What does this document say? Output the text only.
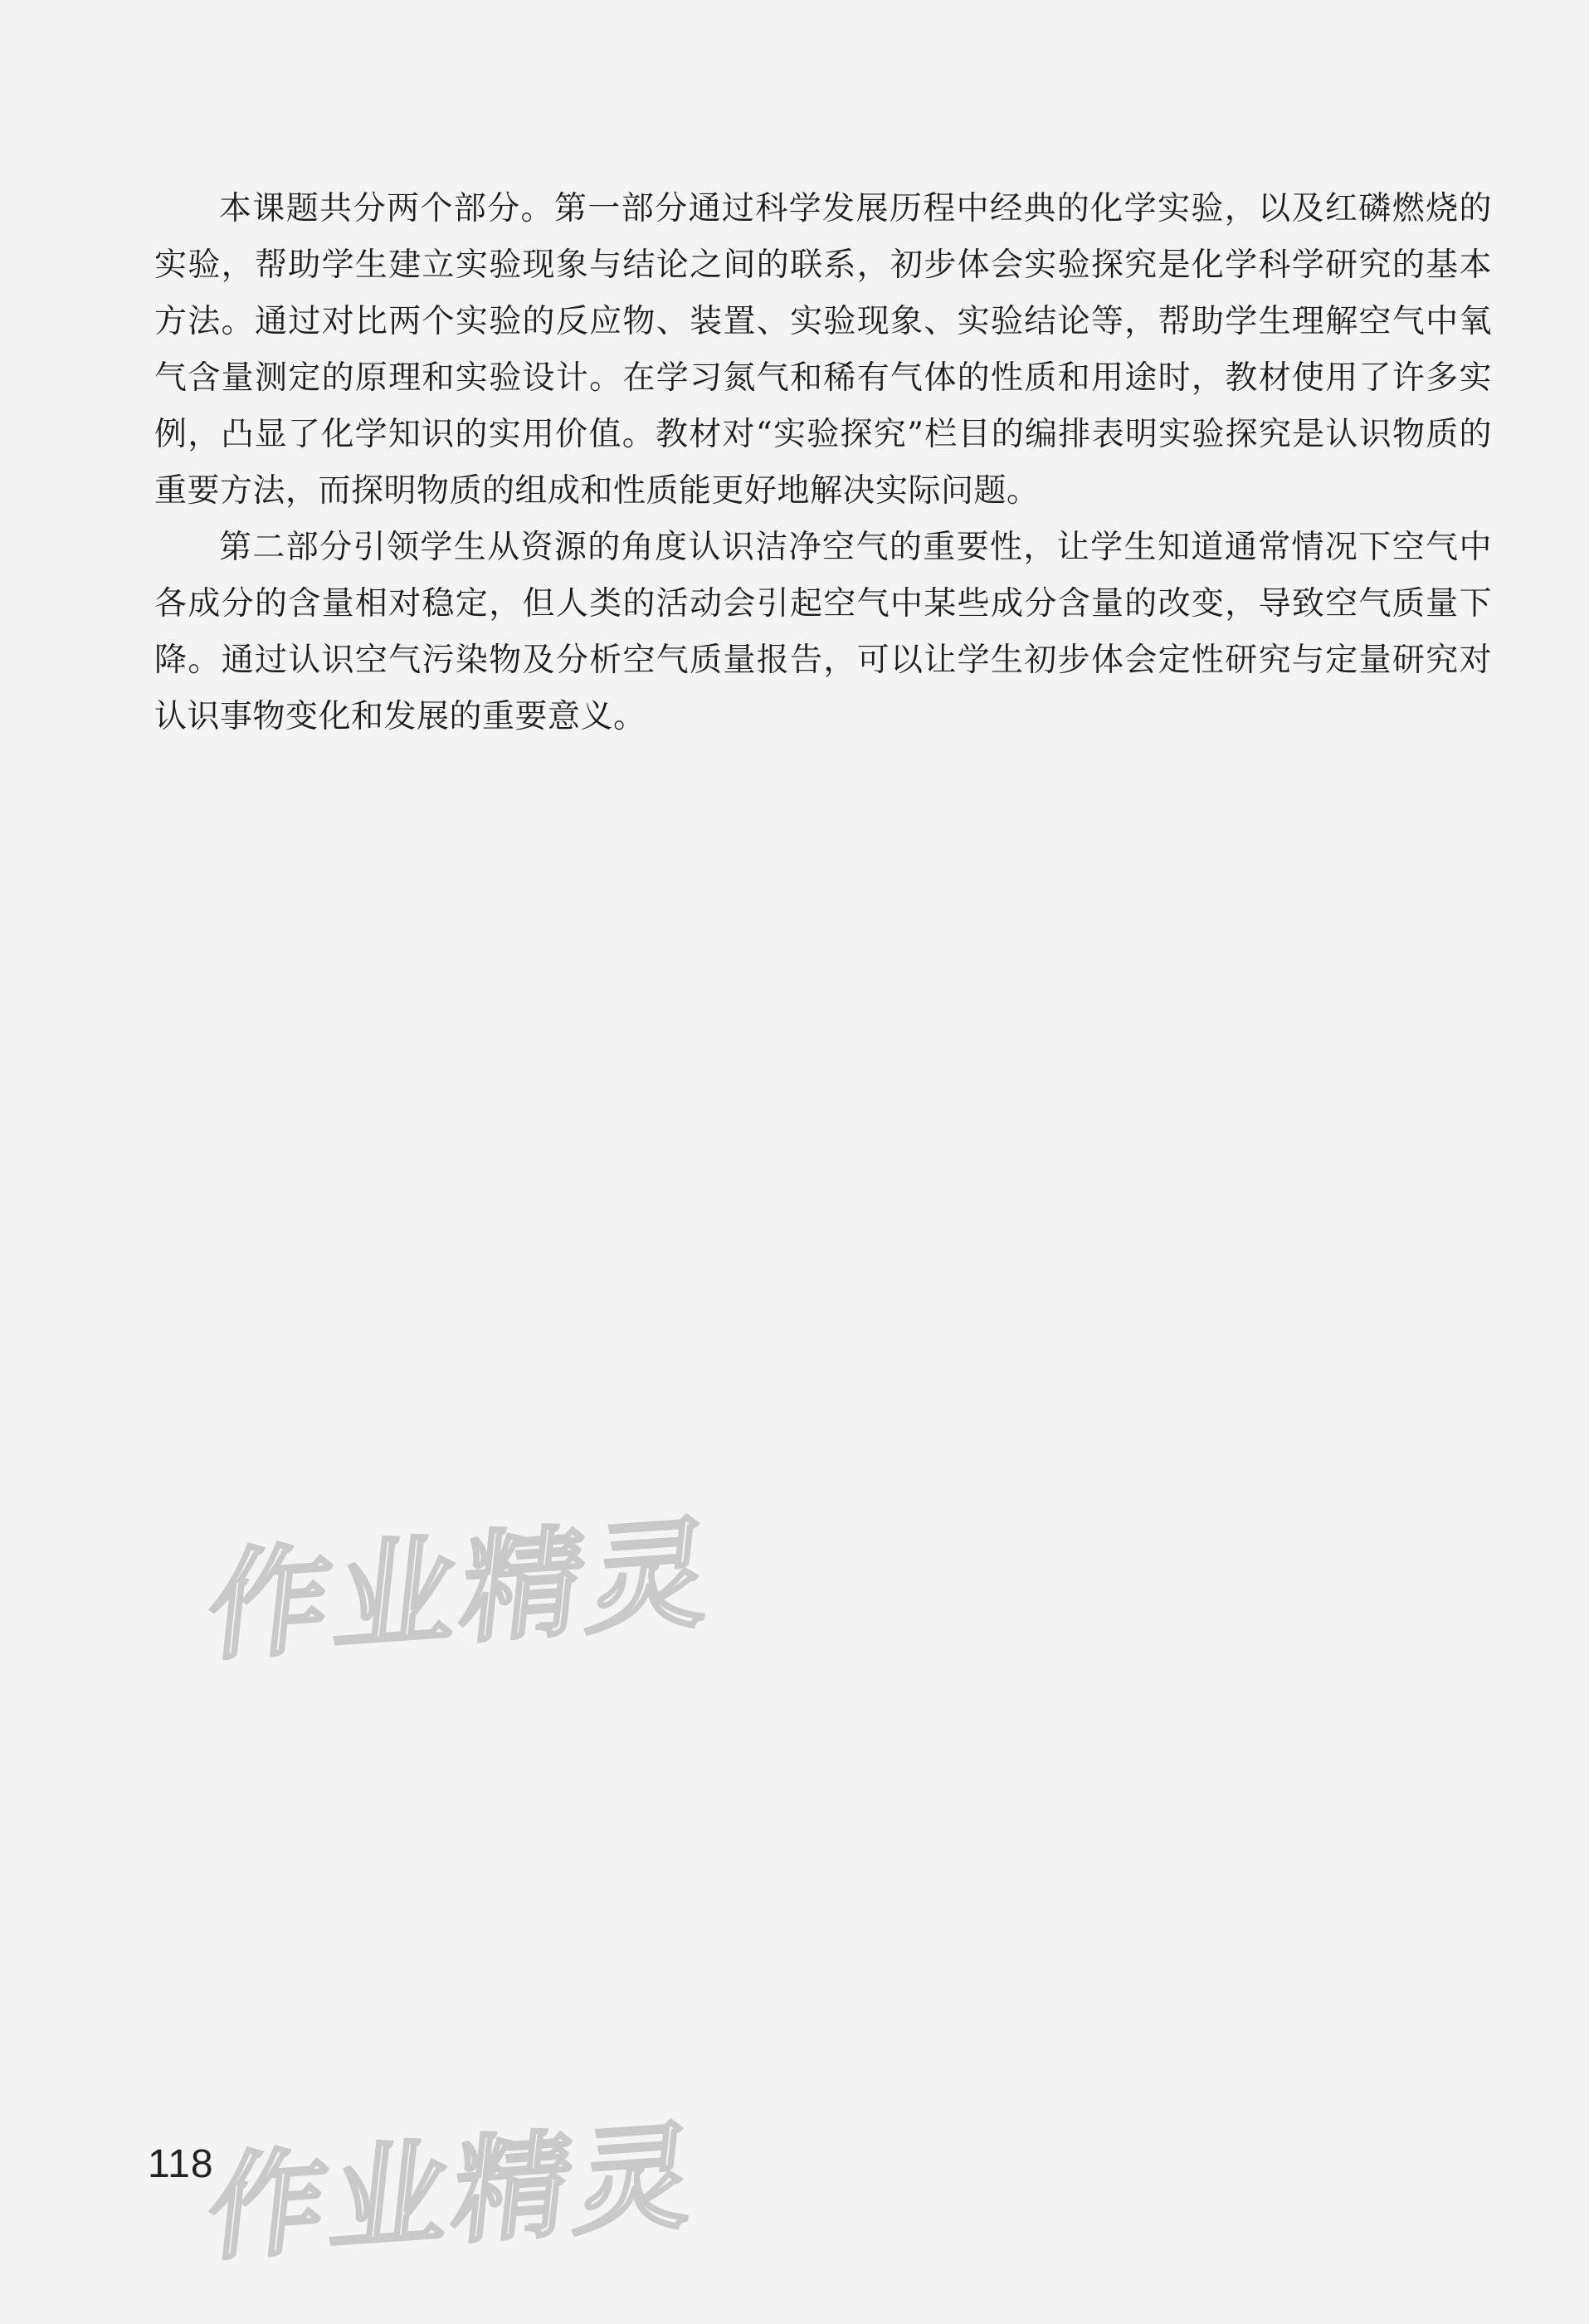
本课题共分两个部分。第一部分通过科学发展历程中经典的化学实验，以及红磷燃烧的实验，帮助学生建立实验现象与结论之间的联系，初步体会实验探究是化学科学研究的基本方法。通过对比两个实验的反应物、装置、实验现象、实验结论等，帮助学生理解空气中氧气含量测定的原理和实验设计。在学习氮气和稀有气体的性质和用途时，教材使用了许多实例，凸显了化学知识的实用价值。教材对“实验探究”栏目的编排表明实验探究是认识物质的重要方法，而探明物质的组成和性质能更好地解决实际问题。

第二部分引领学生从资源的角度认识洁净空气的重要性，让学生知道通常情况下空气中各成分的含量相对稳定，但人类的活动会引起空气中某些成分含量的改变，导致空气质量下降。通过认识空气污染物及分析空气质量报告，可以让学生初步体会定性研究与定量研究对认识事物变化和发展的重要意义。

作业精灵
作业精灵
118
